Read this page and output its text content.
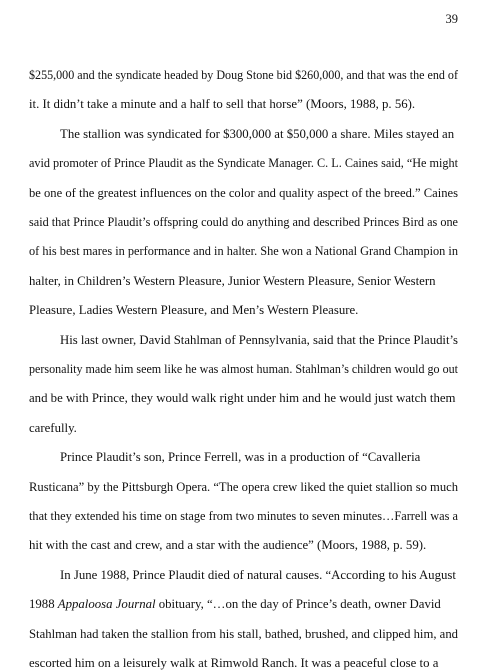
39
$255,000 and the syndicate headed by Doug Stone bid $260,000, and that was the end of
it. It didn’t take a minute and a half to sell that horse” (Moors, 1988, p. 56).
The stallion was syndicated for $300,000 at $50,000 a share. Miles stayed an
avid promoter of Prince Plaudit as the Syndicate Manager. C. L. Caines said, “He might
be one of the greatest influences on the color and quality aspect of the breed.” Caines
said that Prince Plaudit’s offspring could do anything and described Princes Bird as one
of his best mares in performance and in halter. She won a National Grand Champion in
halter, in Children’s Western Pleasure, Junior Western Pleasure, Senior Western
Pleasure, Ladies Western Pleasure, and Men’s Western Pleasure.
His last owner, David Stahlman of Pennsylvania, said that the Prince Plaudit’s
personality made him seem like he was almost human. Stahlman’s children would go out
and be with Prince, they would walk right under him and he would just watch them
carefully.
Prince Plaudit’s son, Prince Ferrell, was in a production of “Cavalleria
Rusticana” by the Pittsburgh Opera. “The opera crew liked the quiet stallion so much
that they extended his time on stage from two minutes to seven minutes…Farrell was a
hit with the cast and crew, and a star with the audience” (Moors, 1988, p. 59).
In June 1988, Prince Plaudit died of natural causes. “According to his August
1988 Appaloosa Journal obituary, “…on the day of Prince’s death, owner David
Stahlman had taken the stallion from his stall, bathed, brushed, and clipped him, and
escorted him on a leisurely walk at Rimwold Ranch. It was a peaceful close to a
